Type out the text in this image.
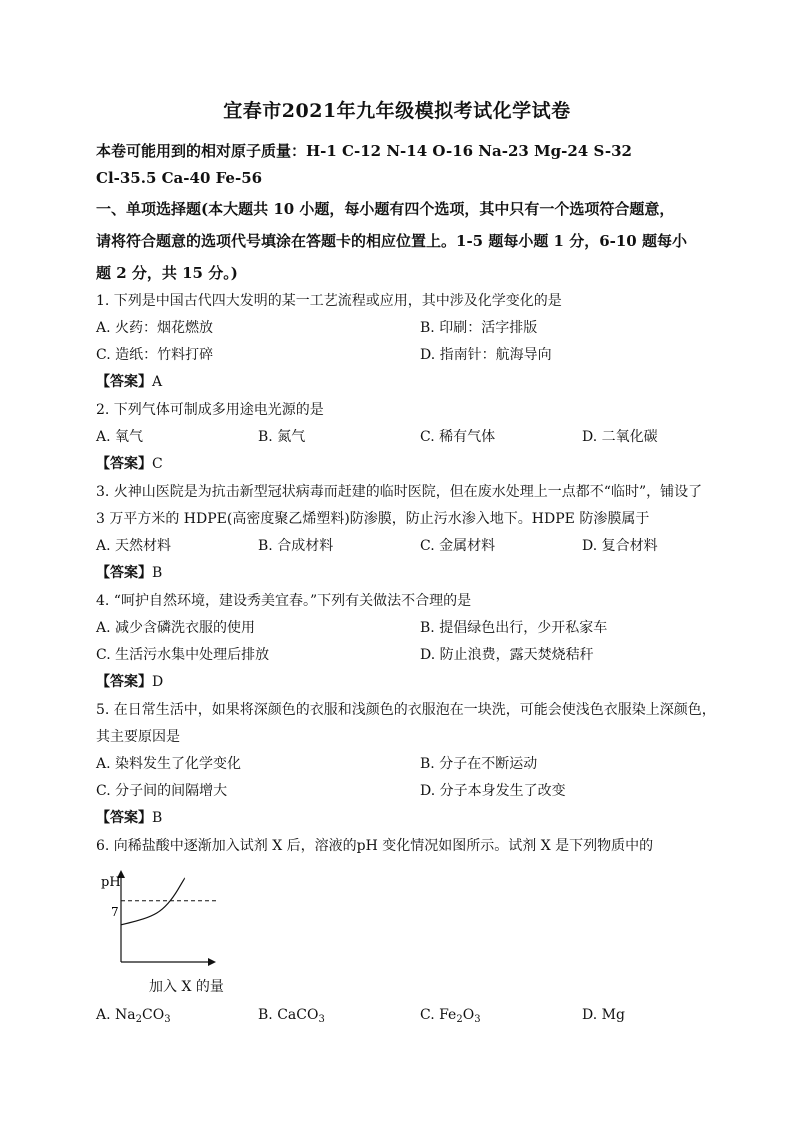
宜春市2021年九年级模拟考试化学试卷
本卷可能用到的相对原子质量：H-1 C-12 N-14 O-16 Na-23 Mg-24 S-32
Cl-35.5 Ca-40 Fe-56
一、单项选择题(本大题共 10 小题，每小题有四个选项，其中只有一个选项符合题意，
请将符合题意的选项代号填涂在答题卡的相应位置上。1-5 题每小题 1 分，6-10 题每小
题 2 分，共 15 分。)
1. 下列是中国古代四大发明的某一工艺流程或应用，其中涉及化学变化的是
A. 火药：烟花燃放	B. 印刷：活字排版
C. 造纸：竹料打碎	D. 指南针：航海导向
【答案】A
2. 下列气体可制成多用途电光源的是
A. 氧气	B. 氮气	C. 稀有气体	D. 二氧化碳
【答案】C
3. 火神山医院是为抗击新型冠状病毒而赶建的临时医院，但在废水处理上一点都不“临时”，铺设了
3 万平方米的 HDPE(高密度聚乙烯塑料)防渗膜，防止污水渗入地下。HDPE 防渗膜属于
A. 天然材料	B. 合成材料	C. 金属材料	D. 复合材料
【答案】B
4. “呵护自然环境，建设秀美宜春。”下列有关做法不合理的是
A. 减少含磷洗衣服的使用	B. 提倡绿色出行，少开私家车
C. 生活污水集中处理后排放	D. 防止浪费，露天焚烧秸秆
【答案】D
5. 在日常生活中，如果将深颜色的衣服和浅颜色的衣服泡在一块洗，可能会使浅色衣服染上深颜色，
其主要原因是
A. 染料发生了化学变化	B. 分子在不断运动
C. 分子间的间隔增大	D. 分子本身发生了改变
【答案】B
6. 向稀盐酸中逐渐加入试剂 X 后，溶液的pH 变化情况如图所示。试剂 X 是下列物质中的
pH
7
加入 X 的量
A. $Na_2CO_3$	B. CaCO$_3$	C. $Fe_2O_3$	D. Mg
